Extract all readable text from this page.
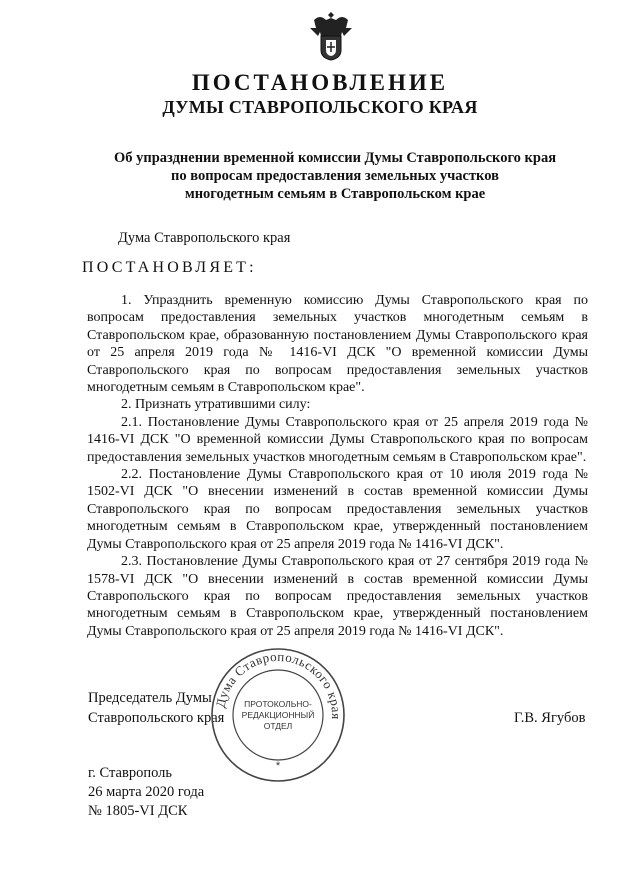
ПОСТАНОВЛЕНИЕ
ДУМЫ СТАВРОПОЛЬСКОГО КРАЯ
Об упразднении временной комиссии Думы Ставропольского края
по вопросам предоставления земельных участков
многодетным семьям в Ставропольском крае
Дума Ставропольского края
ПОСТАНОВЛЯЕТ:

1. Упразднить временную комиссию Думы Ставропольского края по вопросам предоставления земельных участков многодетным семьям в Ставропольском крае, образованную постановлением Думы Ставропольского края от 25 апреля 2019 года № 1416-VI ДСК "О временной комиссии Думы Ставропольского края по вопросам предоставления земельных участков многодетным семьям в Ставропольском крае".

2. Признать утратившими силу:

2.1. Постановление Думы Ставропольского края от 25 апреля 2019 года № 1416-VI ДСК "О временной комиссии Думы Ставропольского края по вопросам предоставления земельных участков многодетным семьям в Ставропольском крае".

2.2. Постановление Думы Ставропольского края от 10 июля 2019 года № 1502-VI ДСК "О внесении изменений в состав временной комиссии Думы Ставропольского края по вопросам предоставления земельных участков многодетным семьям в Ставропольском крае, утвержденный постановлением Думы Ставропольского края от 25 апреля 2019 года № 1416-VI ДСК".

2.3. Постановление Думы Ставропольского края от 27 сентября 2019 года № 1578-VI ДСК "О внесении изменений в состав временной комиссии Думы Ставропольского края по вопросам предоставления земельных участков многодетным семьям в Ставропольском крае, утвержденный постановлением Думы Ставропольского края от 25 апреля 2019 года № 1416-VI ДСК".

Председатель Думы
Ставропольского края
Дума Ставропольского края
ПРОТОКОЛЬНО-
РЕДАКЦИОННЫЙ
ОТДЕЛ
*
Г.В. Ягубов
г. Ставрополь
26 марта 2020 года
№ 1805-VI ДСК
